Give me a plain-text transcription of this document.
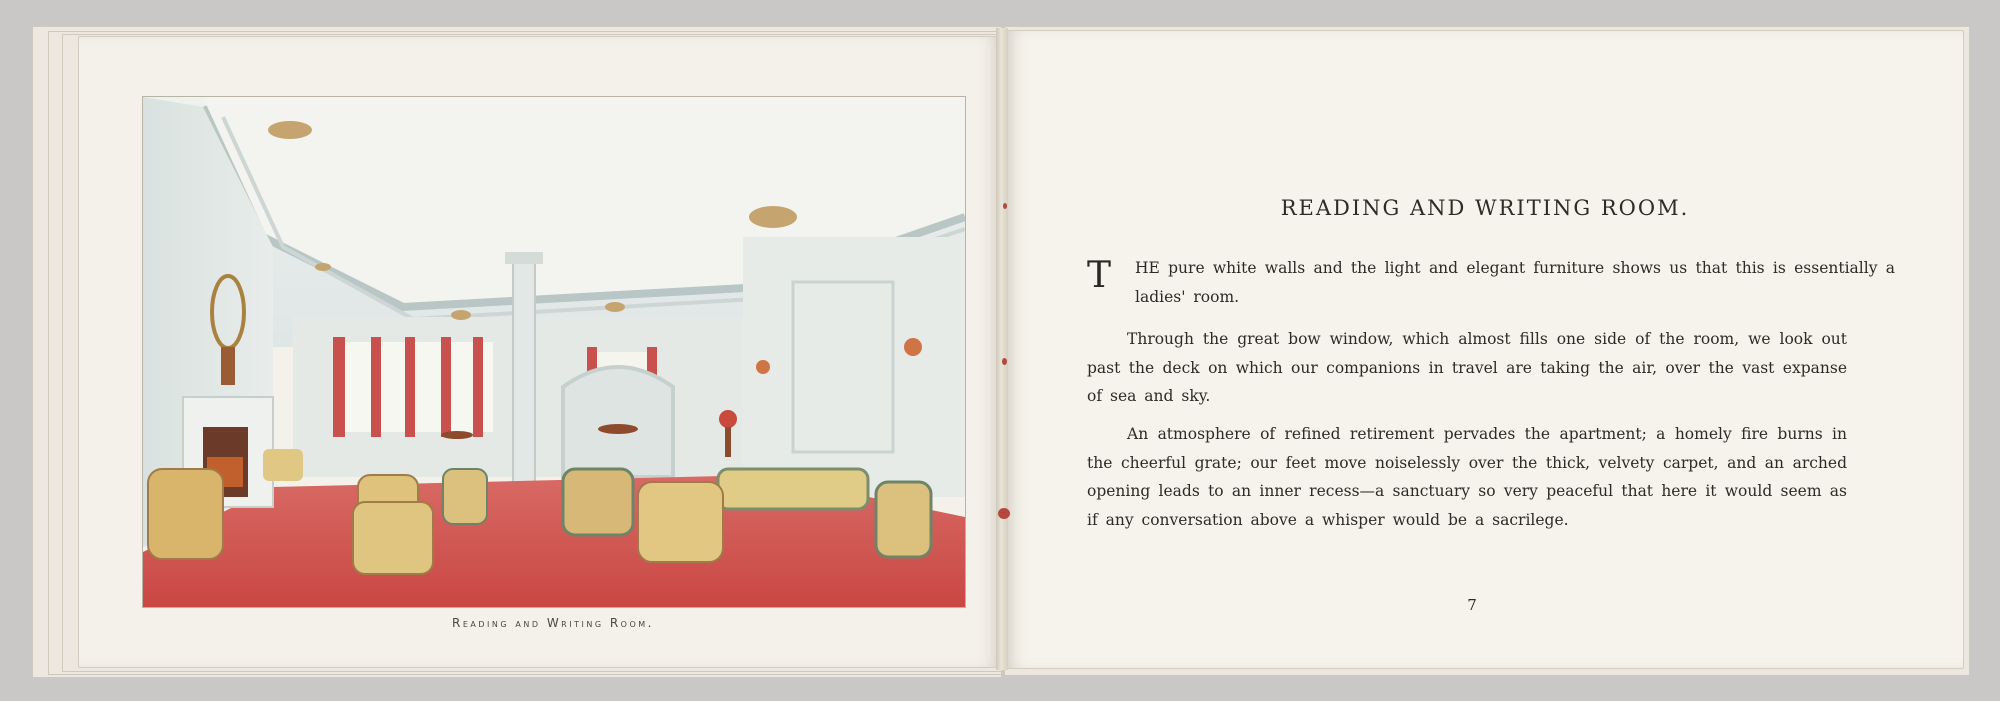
Reading and Writing Room.
READING AND WRITING ROOM.
T HE pure white walls and the light and elegant furniture shows us that this is essentially a ladies' room.
Through the great bow window, which almost fills one side of the room, we look out past the deck on which our companions in travel are taking the air, over the vast expanse of sea and sky.
An atmosphere of refined retirement pervades the apartment; a homely fire burns in the cheerful grate; our feet move noiselessly over the thick, velvety carpet, and an arched opening leads to an inner recess—a sanctuary so very peaceful that here it would seem as if any conversation above a whisper would be a sacrilege.
7
